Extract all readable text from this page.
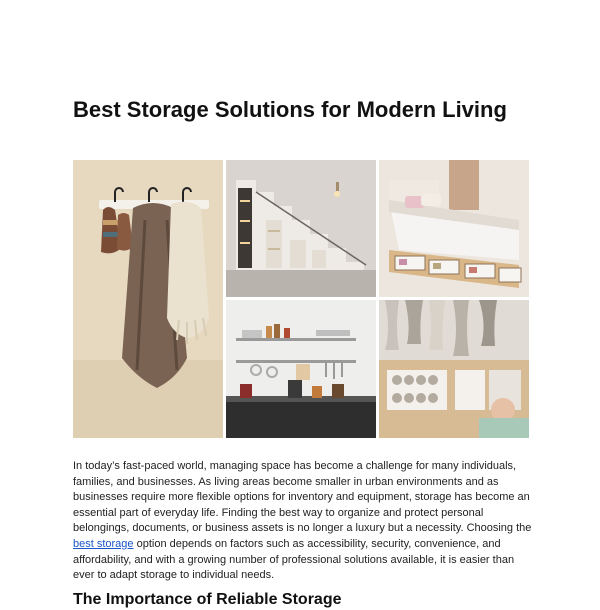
Best Storage Solutions for Modern Living

In today’s fast-paced world, managing space has become a challenge for many individuals, families, and businesses. As living areas become smaller in urban environments and as businesses require more flexible options for inventory and equipment, storage has become an essential part of everyday life. Finding the best way to organize and protect personal belongings, documents, or business assets is no longer a luxury but a necessity. Choosing the best storage option depends on factors such as accessibility, security, convenience, and affordability, and with a growing number of professional solutions available, it is easier than ever to adapt storage to individual needs.

The Importance of Reliable Storage
